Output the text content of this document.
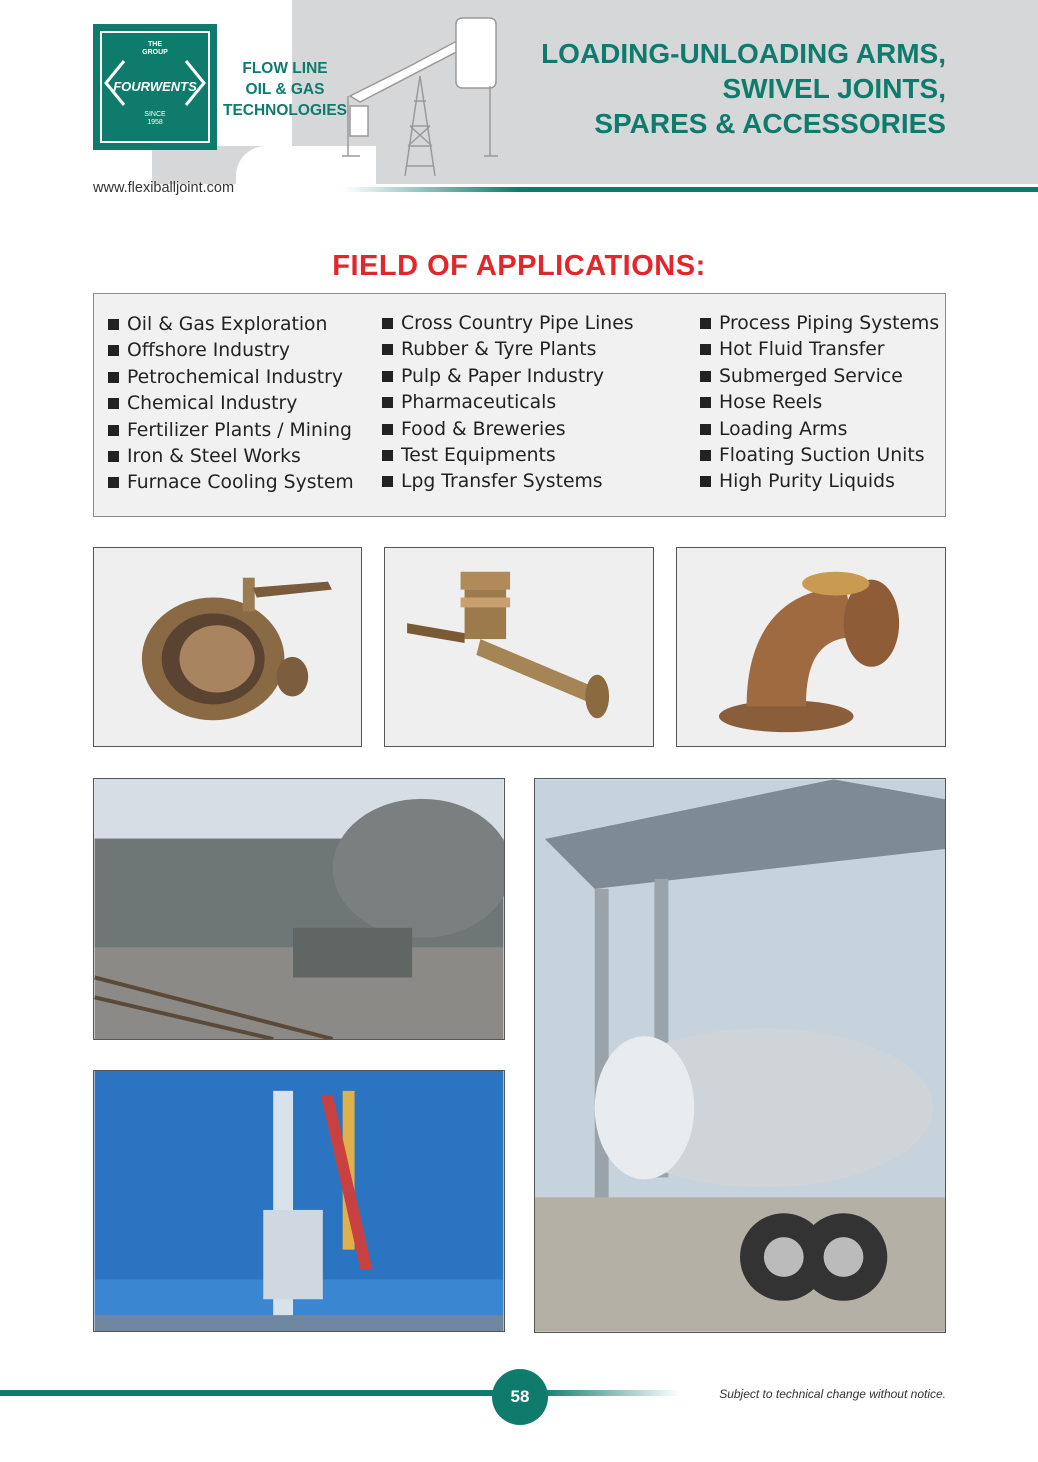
THE
GROUP
FOURWENTS
SINCE
1958
FLOW LINE
OIL & GAS
TECHNOLOGIES
LOADING-UNLOADING ARMS,
SWIVEL JOINTS,
SPARES & ACCESSORIES
www.flexiballjoint.com
FIELD OF APPLICATIONS:
Oil & Gas Exploration
Offshore Industry
Petrochemical Industry
Chemical Industry
Fertilizer Plants / Mining
Iron & Steel Works
Furnace Cooling System
Cross Country Pipe Lines
Rubber & Tyre Plants
Pulp & Paper Industry
Pharmaceuticals
Food & Breweries
Test Equipments
Lpg Transfer Systems
Process Piping Systems
Hot Fluid Transfer
Submerged Service
Hose Reels
Loading Arms
Floating Suction Units
High Purity Liquids
58	Subject to technical change without notice.
